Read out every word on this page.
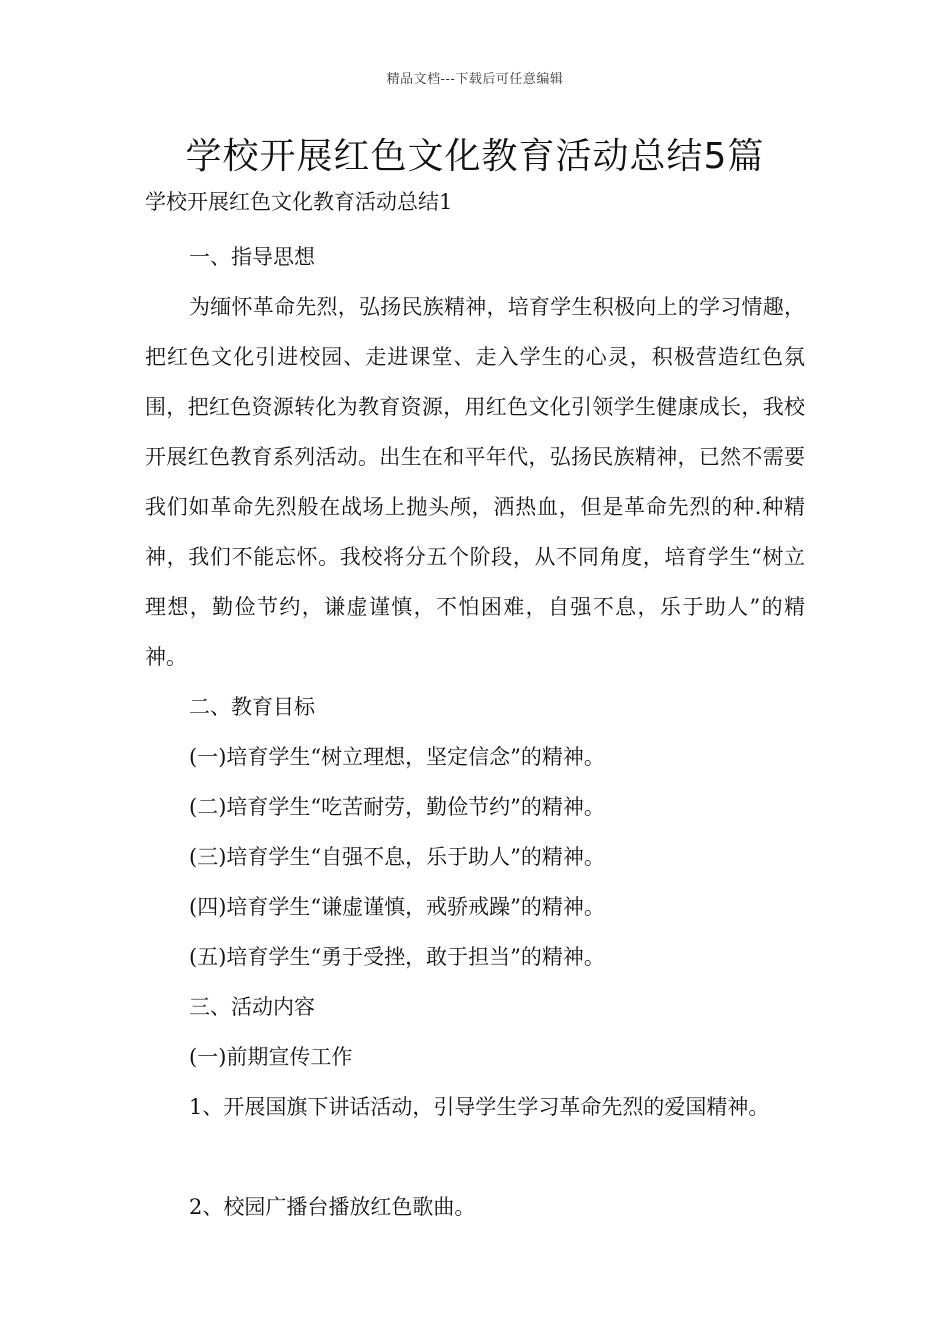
精品文档---下载后可任意编辑
学校开展红色文化教育活动总结5篇
学校开展红色文化教育活动总结1

一、指导思想

为缅怀革命先烈，弘扬民族精神，培育学生积极向上的学习情趣，把红色文化引进校园、走进课堂、走入学生的心灵，积极营造红色氛围，把红色资源转化为教育资源，用红色文化引领学生健康成长，我校开展红色教育系列活动。出生在和平年代，弘扬民族精神，已然不需要我们如革命先烈般在战场上抛头颅，洒热血，但是革命先烈的种.种精神，我们不能忘怀。我校将分五个阶段，从不同角度，培育学生“树立理想，勤俭节约，谦虚谨慎，不怕困难，自强不息，乐于助人”的精神。

二、教育目标

(一)培育学生“树立理想，坚定信念”的精神。

(二)培育学生“吃苦耐劳，勤俭节约”的精神。

(三)培育学生“自强不息，乐于助人”的精神。

(四)培育学生“谦虚谨慎，戒骄戒躁”的精神。

(五)培育学生“勇于受挫，敢于担当”的精神。

三、活动内容

(一)前期宣传工作

1、开展国旗下讲话活动，引导学生学习革命先烈的爱国精神。

2、校园广播台播放红色歌曲。
